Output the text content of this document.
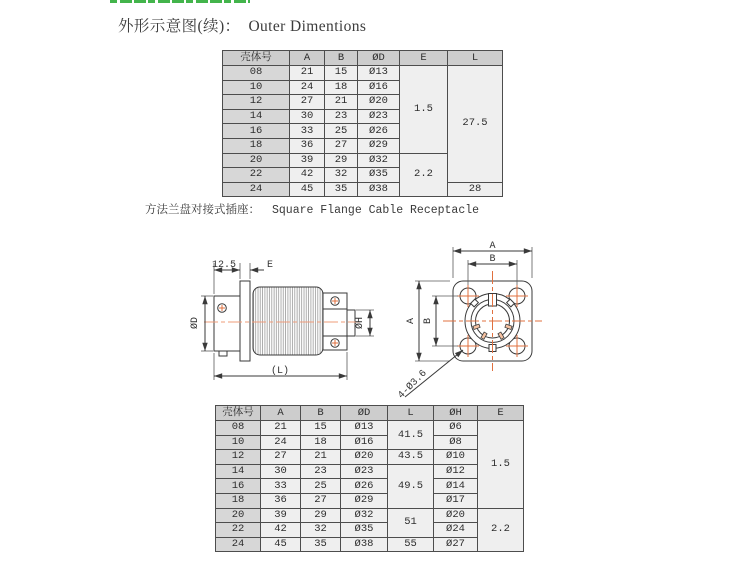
外形示意图(续)： Outer Dimentions
壳体号	A	B	ØD	E	L
08	21	15	Ø13	1.5	27.5
10	24	18	Ø16		
12	27	21	Ø20		
14	30	23	Ø23		
16	33	25	Ø26		
18	36	27	Ø29		
20	39	29	Ø32	2.2	
22	42	32	Ø35		
24	45	35	Ø38		28
方法兰盘对接式插座： Square Flange Cable Receptacle
12.5	E
ØD	ØH
(L)
A
B
A B
4-Ø3.6
壳体号	A	B	ØD	L	ØH	E
08	21	15	Ø13	41.5	Ø6	1.5
10	24	18	Ø16		Ø8	
12	27	21	Ø20	43.5	Ø10	
14	30	23	Ø23	49.5	Ø12	
16	33	25	Ø26		Ø14	
18	36	27	Ø29		Ø17	
20	39	29	Ø32	51	Ø20	2.2
22	42	32	Ø35		Ø24	
24	45	35	Ø38	55	Ø27	
